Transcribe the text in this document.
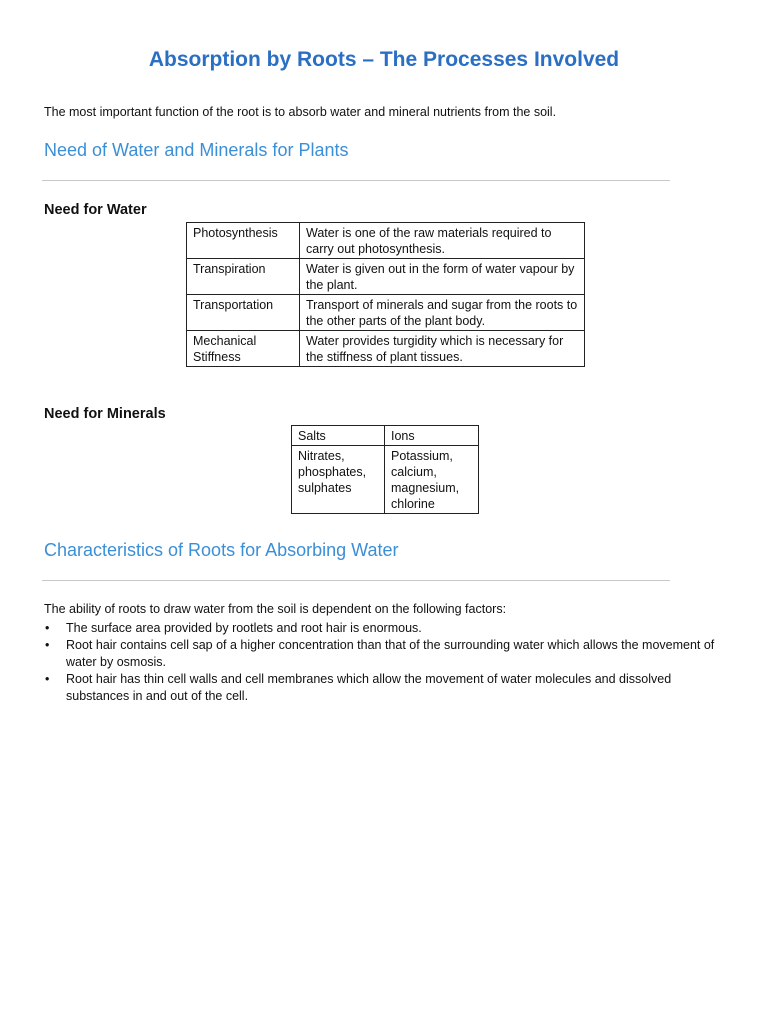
Absorption by Roots – The Processes Involved

The most important function of the root is to absorb water and mineral nutrients from the soil.

Need of Water and Minerals for Plants
Need for Water
Photosynthesis	Water is one of the raw materials required to carry out photosynthesis.
Transpiration	Water is given out in the form of water vapour by the plant.
Transportation	Transport of minerals and sugar from the roots to the other parts of the plant body.
Mechanical Stiffness	Water provides turgidity which is necessary for the stiffness of plant tissues.
Need for Minerals
Salts	Ions
Nitrates, phosphates, sulphates	Potassium, calcium, magnesium, chlorine
Characteristics of Roots for Absorbing Water

The ability of roots to draw water from the soil is dependent on the following factors:

• The surface area provided by rootlets and root hair is enormous.
• Root hair contains cell sap of a higher concentration than that of the surrounding water which allows the movement of water by osmosis.
• Root hair has thin cell walls and cell membranes which allow the movement of water molecules and dissolved substances in and out of the cell.
